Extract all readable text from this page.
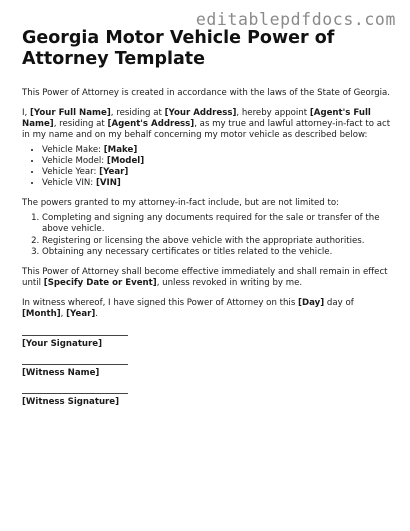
editablepdfdocs.com
Georgia Motor Vehicle Power of Attorney Template

This Power of Attorney is created in accordance with the laws of the State of Georgia.

I, [Your Full Name], residing at [Your Address], hereby appoint [Agent's Full Name], residing at [Agent's Address], as my true and lawful attorney-in-fact to act in my name and on my behalf concerning my motor vehicle as described below:

• Vehicle Make: [Make]
• Vehicle Model: [Model]
• Vehicle Year: [Year]
• Vehicle VIN: [VIN]

The powers granted to my attorney-in-fact include, but are not limited to:

1. Completing and signing any documents required for the sale or transfer of the above vehicle.
2. Registering or licensing the above vehicle with the appropriate authorities.
3. Obtaining any necessary certificates or titles related to the vehicle.

This Power of Attorney shall become effective immediately and shall remain in effect until [Specify Date or Event], unless revoked in writing by me.

In witness whereof, I have signed this Power of Attorney on this [Day] day of [Month], [Year].

[Your Signature]
[Witness Name]
[Witness Signature]
